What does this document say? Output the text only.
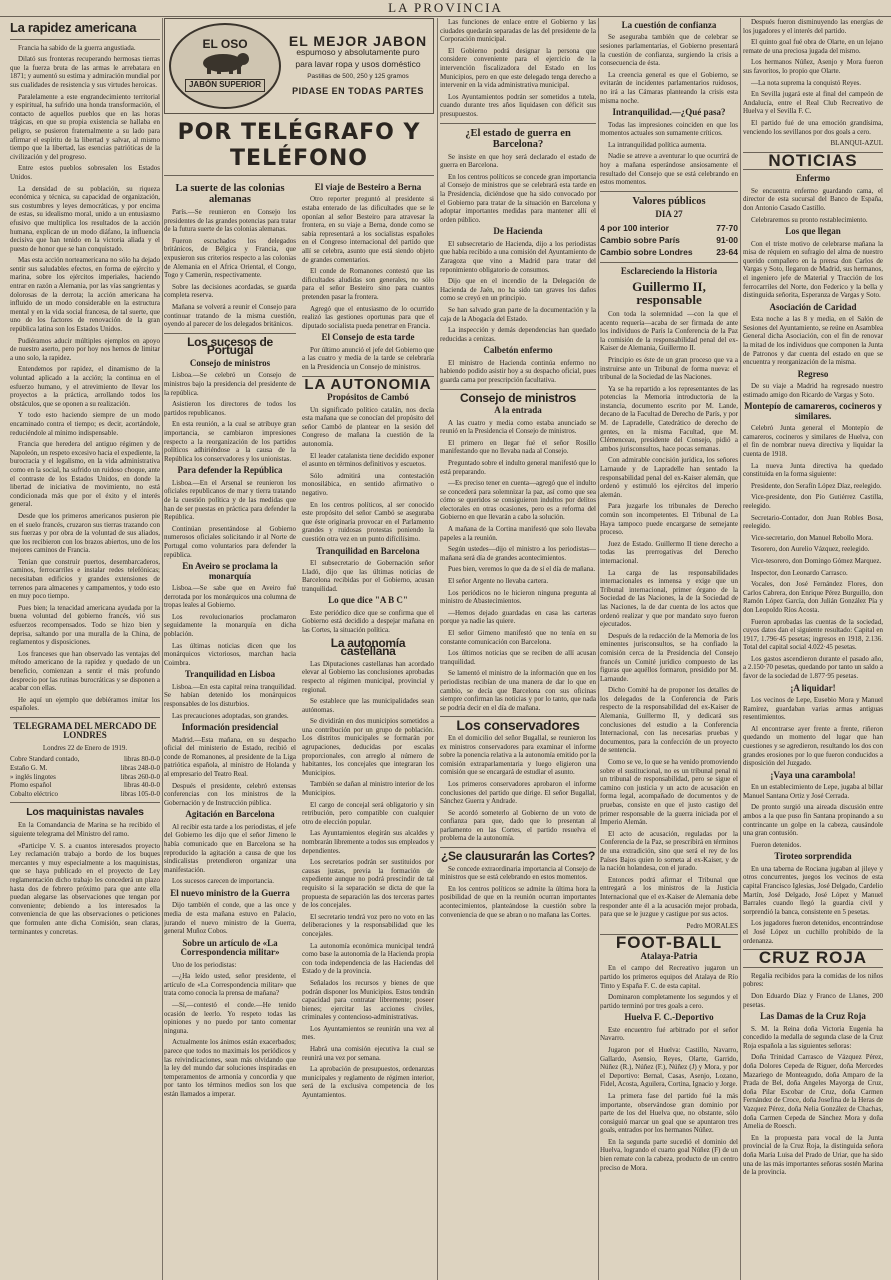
LA PROVINCIA
La rapidez americana

Francia ha sabido de la guerra angustiada.

Dilató sus fronteras recuperando hermosas tierras que la fuerza bruta de las armas le arrebatara en 1871; y aumentó su estima y admiración mundial por sus cualidades de resistencia y sus virtudes heroicas.

Paralelamente a este engrandecimiento territorial y espiritual, ha sufrido una honda transformación, el contacto de aquellos pueblos que en las horas trágicas, en que su propia existencia se hallaba en peligro, se pusieron fraternalmente a su lado para afirmar el espíritu de la libertad y salvar, al mismo tiempo que la libertad, las esencias patrióticas de la civilización y del progreso.

Entre estos pueblos sobresalen los Estados Unidos.

La densidad de su población, su riqueza económica y técnica, su capacidad de organización, sus costumbres y leyes democráticas, y por encima de estas, su idealismo moral, unido a un entusiasmo efusivo que multiplica los resultados de la acción humana, explican de un modo diáfano, la influencia decisiva que han tenido en la victoria aliada y el puesto de honor que se han conquistado.

Mas esta acción norteamericana no sólo ha dejado sentir sus saludables efectos, en forma de ejército y marina, sobre los ejércitos imperiales, haciendo entrar en razón a Alemania, por las vías sangrientas y dolorosas de la derrota; la acción americana ha influido de un modo considerable en la estructura mental y en la vida social francesa, de tal suerte, que uno de los factores de renovación de la gran república latina son los Estados Unidos.

Pudiéramos aducir múltiples ejemplos en apoyo de nuestro aserto, pero por hoy nos hemos de limitar a uno solo, la rapidez.

Entendemos por rapidez, el dinamismo de la voluntad aplicado a la acción; la continua en el esfuerzo humano, y el atrevimiento de llevar los proyectos a la práctica, arrollando todos los obstáculos, que se oponen a su realización.

Y todo esto haciendo siempre de un modo encaminado contra el tiempo; es decir, acortándole, reduciéndole al mínimo indispensable.

Francia que heredera del antiguo régimen y de Napoleón, un respeto excesivo hacia el expediente, la burocracia y el legalismo, en la vida administrativa como en la social, ha sufrido un ruidoso choque, ante el contraste de los Estados Unidos, en donde la libertad de iniciativa de movimiento, no está condicionada más que por el éxito y el interés general.

Desde que los primeros americanos pusieron pie en el suelo francés, cruzaron sus tierras trazando con sus fuerzas y por obra de la voluntad de sus aliados, que los recibieron con los brazos abiertos, uno de los mejores caminos de Francia.

Tenían que construir puertos, desembarcaderos, caminos, ferrocarriles e instalar redes telefónicas; necesitaban edificios y grandes extensiones de terrenos para almacenes y campamentos, y todo esto en muy poco tiempo.

Pues bien; la tenacidad americana ayudada por la buena voluntad del gobierno francés, vió sus esfuerzos recompensados. Todo se hizo bien y deprisa, saltando por una muralla de la China, de reglamentos y disposiciones.

Los franceses que han observado las ventajas del método americano de la rapidez y quedado de un beneficio, comienzan a sentir el más profundo desprecio por las rutinas burocráticas y se disponen a acabar con ellas.

He aquí un ejemplo que debiéramos imitar los españoles.

TELEGRAMA DEL MERCADO DE LONDRES

Londres 22 de Enero de 1919.

Cobre Standard contado,	libras 80-0-0
Estaño G. M.	libras 248-0-0
» inglés lingotes	libras 260-0-0
Plomo español	libras 40-0-0
Cobalto eléctrico	libras 105-0-0
Los maquinistas navales

En la Comandancia de Marina se ha recibido el siguiente telegrama del Ministro del ramo.

«Participe V. S. a cuantos interesados proyecto Ley reclamación trabajo a bordo de los buques mercantes y muy especialmente a los maquinistas, que se haya publicado en el proyecto de Ley reglamentación dicho trabajo les concederá un plazo hasta dos de febrero próximo para que ante ella puedan alegarse las observaciones que tengan por conveniente; debiendo a los interesados la conveniencia de que las observaciones o peticiones que formulen ante dicha Comisión, sean claras, terminantes y concretas.

EL OSO
JABÓN SUPERIOR
EL MEJOR JABON
espumoso y absolutamente puro
para lavar ropa y usos doméstico
Pastillas de 500, 250 y 125 gramos
PIDASE EN TODAS PARTES
POR TELÉGRAFO Y TELÉFONO
La suerte de las colonias alemanas

París.—Se reunieron en Consejo los presidentes de las grandes potencias para tratar de la futura suerte de las colonias alemanas.

Fueron escuchados los delegados británicos, de Bélgica y Francia, que expusieron sus criterios respecto a las colonias de Alemania en el Africa Oriental, el Congo, Togo y Camerún, respectivamente.

Sobre las decisiones acordadas, se guarda completa reserva.

Mañana se volverá a reunir el Consejo para continuar tratando de la misma cuestión, oyendo al parecer de los delegados británicos.

Los sucesos de Portugal
Consejo de ministros

Lisboa.—Se celebró un Consejo de ministros bajo la presidencia del presidente de la república.

Asistieron los directores de todos los partidos republicanos.

En esta reunión, a la cual se atribuye gran importancia, se cambiaron impresiones respecto a la reorganización de los partidos políticos adhiriéndose a la causa de la República los conservadores y los unionistas.

Para defender la República

Lisboa.—En el Arsenal se reunieron los oficiales republicanos de mar y tierra tratando de la cuestión política y de las medidas que han de ser puestas en práctica para defender la República.

Continúan presentándose al Gobierno numerosos oficiales solicitando ir al Norte de Portugal como voluntarios para defender la república.

En Aveiro se proclama la monarquía

Lisboa.—Se sabe que en Aveiro fué derrotada por los monárquicos una columna de tropas leales al Gobierno.

Los revolucionarios proclamaron seguidamente la monarquía en dicha población.

Las últimas noticias dicen que los monárquicos victoriosos, marchan hacia Coimbra.

Tranquilidad en Lisboa

Lisboa.—En esta capital reina tranquilidad. Se habían detenido los monárquicos responsables de los disturbios.

Las precauciones adoptadas, son grandes.

Información presidencial

Madrid.—Esta mañana, en su despacho oficial del ministerio de Estado, recibió el conde de Romanones, al presidente de la Liga patriótica española, al ministro de Holanda y al empresario del Teatro Real.

Después el presidente, celebró extensas conferencias con los ministros de la Gobernación y de Instrucción pública.

Agitación en Barcelona

Al recibir esta tarde a los periodistas, el jefe del Gobierno les dijo que el señor Jimeno le había comunicado que en Barcelona se ha reproducido la agitación a causa de que los sindicalistas pretendieron organizar una manifestación.

Los sucesos carecen de importancia.

El nuevo ministro de la Guerra

Dijo también el conde, que a las once y media de esta mañana estuvo en Palacio, jurando el nuevo ministro de la Guerra, general Muñoz Cobos.

Sobre un artículo de «La Correspondencia militar»

Uno de los periodistas:

—¿Ha leído usted, señor presidente, el artículo de «La Correspondencia militar» que trata como conocía la prensa de mañana?

—Sí,—contestó el conde.—He tenido ocasión de leerlo. Yo respeto todas las opiniones y no puedo por tanto comentar ninguna.

Actualmente los ánimos están exacerbados; parece que todos no maximais los periódicos y las reivindicaciones, sean más olvidando que la ley del mundo dar soluciones inspiradas en temperamentos de armonía y concordia y que por tanto los términos medios son los que están llamados a imperar.

El viaje de Besteiro a Berna

Otro reporter preguntó al presidente si estaba enterado de las dificultades que se le oponían al señor Besteiro para atravesar la frontera, en su viaje a Berna, donde como se sabía representará a los socialistas españoles en el Congreso internacional del partido que allí se celebra, asunto que está siendo objeto de grandes comentarios.

El conde de Romanones contestó que las dificultades aludidas son generales, no sólo para el señor Besteiro sino para cuantos pretenden pasar la frontera.

Agregó que el entusiasmo de lo ocurrido realizó las gestiones oportunas para que el diputado socialista pueda penetrar en Francia.

El Consejo de esta tarde

Por último anunció el jefe del Gobierno que a las cuatro y media de la tarde se celebraría en la Presidencia un Consejo de ministros.

LA AUTONOMIA
Propósitos de Cambó

Un significado político catalán, nos decía esta mañana que se conocían del propósito del señor Cambó de plantear en la sesión del Congreso de mañana la cuestión de la autonomía.

El leader catalanista tiene decidido exponer el asunto en términos definitivos y escuetos.

Sólo admitirá una contestación monosilábica, en sentido afirmativo o negativo.

En los centros políticos, al ser conocido este propósito del señor Cambó se aseguraba que éste originaría provocar en el Parlamento grandes y ruidosas protestas poniendo la cuestión otra vez en un punto difícilísimo.

Tranquilidad en Barcelona

El subsecretario de Gobernación señor Lladó, dijo que las últimas noticias de Barcelona recibidas por el Gobierno, acusan tranquilidad.

Lo que dice "A B C"

Este periódico dice que se confirma que el Gobierno está decidido a despejar mañana en las Cortes, la situación política.

La autonomía castellana

Las Diputaciones castellanas han acordado elevar al Gobierno las conclusiones aprobadas respecto al régimen municipal, provincial y regional.

Se establece que las municipalidades sean autónomas.

Se dividirán en dos municipios sometidos a una contribución por un grupo de población. Los distritos municipales se formarán por agrupaciones, deducidas por escalas proporcionales, con arreglo al número de habitantes, los concejales que integraran los Municipios.

También se dañan al ministro interior de los Municipios.

El cargo de concejal será obligatorio y sin retribución, pero compatible con cualquier otro de elección popular.

Las Ayuntamientos elegirán sus alcaldes y nombrarán libremente a todos sus empleados y dependientes.

Los secretarios podrán ser sustituidos por causas justas, previa la formación de expediente aunque no podrá prescindir de tal requisito si la separación se dicta de que la propuesta de separación las dos terceras partes de los concejales.

El secretario tendrá voz pero no voto en las deliberaciones y la responsabilidad que les concejales.

La autonomía económica municipal tendrá como base la autonomía de la Hacienda propia con toda independencia de las Haciendas del Estado y de la provincia.

Señalados los recursos y bienes de que podrán disponer los Municipios. Estos tendrán capacidad para contratar libremente; poseer bienes; ejercitar las acciones civiles, criminales y contencioso-administrativas.

Los Ayuntamientos se reunirán una vez al mes.

Habrá una comisión ejecutiva la cual se reunirá una vez por semana.

La aprobación de presupuestos, ordenanzas municipales y reglamento de régimen interior, será de la exclusiva competencia de los Ayuntamientos.

Las funciones de enlace entre el Gobierno y las ciudades quedarán separadas de las del presidente de la Corporación municipal.

El Gobierno podrá designar la persona que considere conveniente para el ejercicio de la intervención fiscalizadora del Estado en los Municipios, pero en que este delegado tenga derecho a intervenir en la vida administrativa municipal.

Los Ayuntamientos podrán ser sometidos a tutela, cuando durante tres años liquidasen con déficit sus presupuestos.

¿El estado de guerra en Barcelona?

Se insiste en que hoy será declarado el estado de guerra en Barcelona.

En los centros políticos se concede gran importancia al Consejo de ministros que se celebrará esta tarde en la Presidencia, diciéndose que ha sido convocado por el Gobierno para tratar de la situación en Barcelona y adoptar importantes medidas para mantener allí el orden público.

De Hacienda

El subsecretario de Hacienda, dijo a los periodistas que había recibido a una comisión del Ayuntamiento de Zaragoza que vino a Madrid para tratar del reponimiento obligatorio de consumos.

Dijo que en el incendio de la Delegación de Hacienda de Jaén, no ha sido tan graves los daños como se creyó en un principio.

Se han salvado gran parte de la documentación y la caja de la Abogacía del Estado.

La inspección y demás dependencias han quedado reducidas a cenizas.

Calbetón enfermo

El ministro de Hacienda continúa enfermo no habiendo podido asistir hoy a su despacho oficial, pues guarda cama por prescripción facultativa.

Consejo de ministros
A la entrada

A las cuatro y media como estaba anunciado se reunió en la Presidencia el Consejo de ministros.

El primero en llegar fué el señor Rosillo manifestando que no llevaba nada al Consejo.

Preguntado sobre el indulto general manifestó que lo está preparando.

—Es preciso tener en cuenta—agregó que el indulto se concederá para solemnizar la paz, así como que sea cómo se queridos se consiguieron indultos por delitos electorales en otras ocasiones, pero es a reforma del Gobierno en que llevarán a cabo la solución.

A mañana de la Cortina manifestó que solo llevaba papeles a la reunión.

Según ustedes—dijo el ministro a los periodistas—mañana será día de grandes acontecimientos.

Pues bien, veremos lo que da de sí el día de mañana.

El señor Argente no llevaba cartera.

Los periódicos no le hicieron ninguna pregunta al ministro de Abastecimientos.

—Hemos dejado guardadas en casa las carteras porque ya nadie las quiere.

El señor Gimeno manifestó que no tenía en su constante comunicación con Barcelona.

Los últimos noticias que se reciben de allí acusan tranquilidad.

Se lamentó el ministro de la información que en los periodistas recibían de una manera de dar lo que en cambio, se decía que Barcelona con sus oficinas siempre confirman las noticias y por lo tanto, que nada se podría decir en el día de mañana.

Los conservadores

En el domicilio del señor Bugallal, se reunieron los ex ministros conservadores para examinar el informe sobre la ponencia relativa a la autonomía emitido por la comisión extraparlamentaria y luego eligieron una comisión que se encargará de estudiar el asunto.

Los primeros conservadores aprobaron el informe conclusiones del partido que dirige. El señor Bugallal, Sánchez Guerra y Andrade.

Se acordó someterlo al Gobierno de un voto de confianza para que, dado que lo presentan al parlamento en las Cortes, el partido resuelva el problema de la autonomía.

¿Se clausurarán las Cortes?

Se concede extraordinaria importancia al Consejo de ministros que se está celebrando en estos momentos.

En los centros políticos se admite la última hora la posibilidad de que en la reunión ocurran importantes acontecimientos, planteándose la cuestión sobre la conveniencia de que se abran o no mañana las Cortes.

La cuestión de confianza

Se aseguraba también que de celebrar se sesiones parlamentarias, el Gobierno presentará la cuestión de confianza, surgiendo la crisis a consecuencia de ésta.

La creencia general es que el Gobierno, se evitarán de incidentes parlamentarios ruidosos, no irá a las Cámaras planteando la crisis esta misma noche.

Intranquilidad.—¿Qué pasa?

Todas las impresiones coinciden en que los momentos actuales son sumamente críticos.

La intranquilidad política aumenta.

Nadie se atreve a aventurar lo que ocurrirá de hoy a mañana esperándose ansiosamente el resultado del Consejo que se está celebrando en estos momentos.

Valores públicos
DIA 27
4 por 100 interior	77·70
Cambio sobre París	91·00
Cambio sobre Londres	23·64
Esclareciendo la Historia
Guillermo II, responsable

Con toda la solemnidad —con la que el acento requería—acaba de ser firmada de ante los individuos de París la Conferencia de la Paz la comisión de la responsabilidad penal del ex-Kaiser de Alemania, Guillermo II.

Principio es éste de un gran proceso que va a instruirse ante un Tribunal de forma nueva: el tribunal de la Sociedad de las Naciones.

Ya se ha repartido a los representantes de las potencias la Memoria introductoria de la instancia, documento escrito por M. Lande, decano de la Facultad de Derecho de París, y por M. de Lapradelle, Catedrático de derecho de gentes, en la misma Facultad, que M. Clémenceau, presidente del Consejo, pidió a ambos jurisconsultos, hace pocas semanas.

Con admirable concisión jurídica, los señores Larnaude y de Lapradelle han sentado la responsabilidad penal del ex-Kaiser alemán, que ordenó y estimuló los ejércitos del imperio alemán.

Para juzgarle los tribunales de Derecho común son incompetentes. El Tribunal de La Haya tampoco puede encargarse de semejante proceso.

Juez de Estado. Guillermo II tiene derecho a todas las prerrogativas del Derecho internacional.

La carga de las responsabilidades internacionales es inmensa y exige que un Tribunal internacional, primer órgano de la Sociedad de las Naciones, la de la Sociedad de las Naciones, la de dar cuenta de los actos que ordenó realizar y que por mandato suyo fueron ejecutados.

Después de la redacción de la Memoria de los eminentes jurisconsultos, se ha confiado la comisión cerca de la Presidencia del Consejo francés un Comité jurídico compuesto de las figuras que aquéllos formaron, presidido por M. Larnaude.

Dicho Comité ha de proponer los detalles de los delegados de la Conferencia de Paris respecto de la responsabilidad del ex-Kaiser de Alemania, Guillermo II, y dedicará sus conclusiones del estudio a la Conferencia Internacional, con las necesarias pruebas y documentos, para la confección de un proyecto de sentencia.

Como se ve, lo que se ha venido promoviendo sobre el sustitucional, no es un tribunal penal ni un tribunal de responsabilidad, pero se sigue el camino con justicia y un acto de acusación en forma legal, acompañado de documentos y de pruebas, consiste en que el justo castigo del primer responsable de la guerra iniciada por el Imperio Alemán.

El acto de acusación, reguladas por la Conferencia de la Paz, se prescribirá en términos de una extradición, sino que será el rey de los Países Bajos quien lo someta al ex-Kaiser, y de la nación holandesa, con el jurado.

Entonces podrá afirmar el Tribunal que entregará a los ministros de la Justicia Internacional que el ex-Kaiser de Alemania debe responder ante él a la acusación mejor probada, para que se le juzgue y castigue por sus actos.

Pedro MORALES
FOOT-BALL
Atalaya-Patria

En el campo del Recreativo jugaron un partido los primeros equipos del Atalaya de Río Tinto y España F. C. de esta capital.

Dominaron completamente los segundos y el partido terminó por tres goals a cero.

Huelva F. C.-Deportivo

Este encuentro fué arbitrado por el señor Navarro.

Jugaron por el Huelva: Castillo, Navarro, Gallardo, Asensio, Reyes, Olarte, Garrido, Núñez (R.), Núñez (F.), Núñez (J) y Mora, y por el Deportivo: Bernal, Casas, Asenjo, Lozano, Fidel, Acosta, Aguilera, Cortina, Ignacio y Jorge.

La primera fase del partido fué la más importante, observándose gran dominio por parte de los del Huelva que, no obstante, sólo consiguió marcar un goal que se apuntaron tres goals, entrados por los hermanos Núñez.

En la segunda parte sucedió el dominio del Huelva, logrando el cuarto goal Núñez (F) de un bien remate con la cabeza, producto de un centro preciso de Mora.

Después fueron disminuyendo las energías de los jugadores y el interés del partido.

El quinto goal fué obra de Olarte, en un lejano remate de una preciosa jugada del mismo.

Los hermanos Núñez, Asenjo y Mora fueron sus favoritos, lo propio que Olarte.

—La nota suprema la conquistó Reyes.

En Sevilla jugará este al final del campeón de Andalucía, entre el Real Club Recreativo de Huelva y el Sevilla F. C.

El partido fué de una emoción grandísima, venciendo los sevillanos por dos goals a cero.

BLANQUI-AZUL
NOTICIAS
Enfermo

Se encuentra enfermo guardando cama, el director de esta sucursal del Banco de España, don Antonio Casado Castillo.

Celebraremos su pronto restablecimiento.

Los que llegan

Con el triste motivo de celebrarse mañana la misa de réquiem en sufragio del alma de nuestro querido compañero en la prensa don Carlos de Vargas y Soto, llegaron de Madrid, sus hermanos, el ingeniero jefe de Material y Tracción de los ferrocarriles del Norte, don Federico y la bella y distinguida señorita, Esperanza de Vargas y Soto.

Asociación de Caridad

Esta noche a las 8 y media, en el Salón de Sesiones del Ayuntamiento, se reúne en Asamblea General dicha Asociación, con el fin de renovar la mitad de los individuos que componen la Junta de Patronos y dar cuenta del estado en que se encuentra y reorganización de la misma.

Regreso

De su viaje a Madrid ha regresado nuestro estimado amigo don Ricardo de Vargas y Soto.

Montepío de camareros, cocineros y similares.

Celebró Junta general el Montepío de camareros, cocineros y similares de Huelva, con el fin de nombrar nueva directiva y liquidar la cuenta de 1918.

La nueva Junta directiva ha quedado constituida en la forma siguiente:

Presidente, don Serafín López Díaz, reelegido.

Vice-presidente, don Pío Gutiérrez Castilla, reelegido.

Secretario-Contador, don Juan Robles Bosa, reelegido.

Vice-secretario, don Manuel Rebollo Mora.

Tesorero, don Aurelio Vázquez, reelegido.

Vice-tesorero, don Domingo Gómez Marquez.

Inspector, don Leonardo Carrasco.

Vocales, don José Fernández Flores, don Carlos Cabrera, don Enrique Pérez Burguillo, don Ramón López García, don Julián González Pía y don Leopoldo Ríos Acosta.

Fueron aprobadas las cuentas de la sociedad, cuyos datos dan el siguiente resultado: Capital en 1917, 1.796·45 pesetas; ingresos en 1918, 2.136. Total del capital social 4.022·45 pesetas.

Los gastos ascendieron durante el pasado año, a 2.150·70 pesetas, quedando por tanto un saldo a favor de la sociedad de 1.877·95 pesetas.

¡A liquidar!

Los vecinos de Lepe, Eusebio Mora y Manuel Ramírez, guardaban varias armas antiguas resentimientos.

Al encontrarse ayer frente a frente, riñeron quedando un momento del lugar que han cuestiones y se agredieron, resultando los dos con grandes erosiones por lo que fueron conducidos a disposición del Juzgado.

¡Vaya una carambola!

En un establecimiento de Lepe, jugaba al billar Manuel Santana Ortiz y José Cerrada.

De pronto surgió una aireada discusión entre ambos a la que puso fin Santana propinando a su contrincante un golpe en la cabeza, causándole una gran contusión.

Fueron detenidos.

Tiroteo sorprendida

En una taberna de Rociana jugaban al jileye y otros concurrentes, juegos los vecinos de esta capital Francisco Iglesias, José Delgado, Cardelio Martín, José Delgado, José López y Manuel Barrales cuando llegó la guardia civil y sorprendió la banca, consistente en 5 pesetas.

Los jugadores fueron detenidos, encontrándose el José López un cuchillo prohibido de la ordenanza.

CRUZ ROJA

Regalía recibidos para la comidas de los niños pobres:

Don Eduardo Díaz y Franco de Llanes, 200 pesetas.

Las Damas de la Cruz Roja

S. M. la Reina doña Victoria Eugenia ha concedido la medalla de segunda clase de la Cruz Roja española a las siguientes señoras:

Doña Trinidad Carrasco de Vázquez Pérez, doña Dolores Cepeda de Riguer, doña Mercedes Mazariego de Monteagudo, doña Amparo de la Prada de Bel, doña Angeles Mayorga de Cruz, doña Pilar Escobar de Cruz, doña Carmen Fernández de Croce, doña Josefina de la Heras de Vazquez Pérez, doña Nelia González de Chachas, doña Carmen Cepeda de Sánchez Mora y doña Amelia de Roesch.

En la propuesta para vocal de la Junta provincial de la Cruz Roja, la distinguida señora doña María Luisa del Prado de Uriar, que ha sido una de las más importantes señoras sostén Marina de la provincia.
